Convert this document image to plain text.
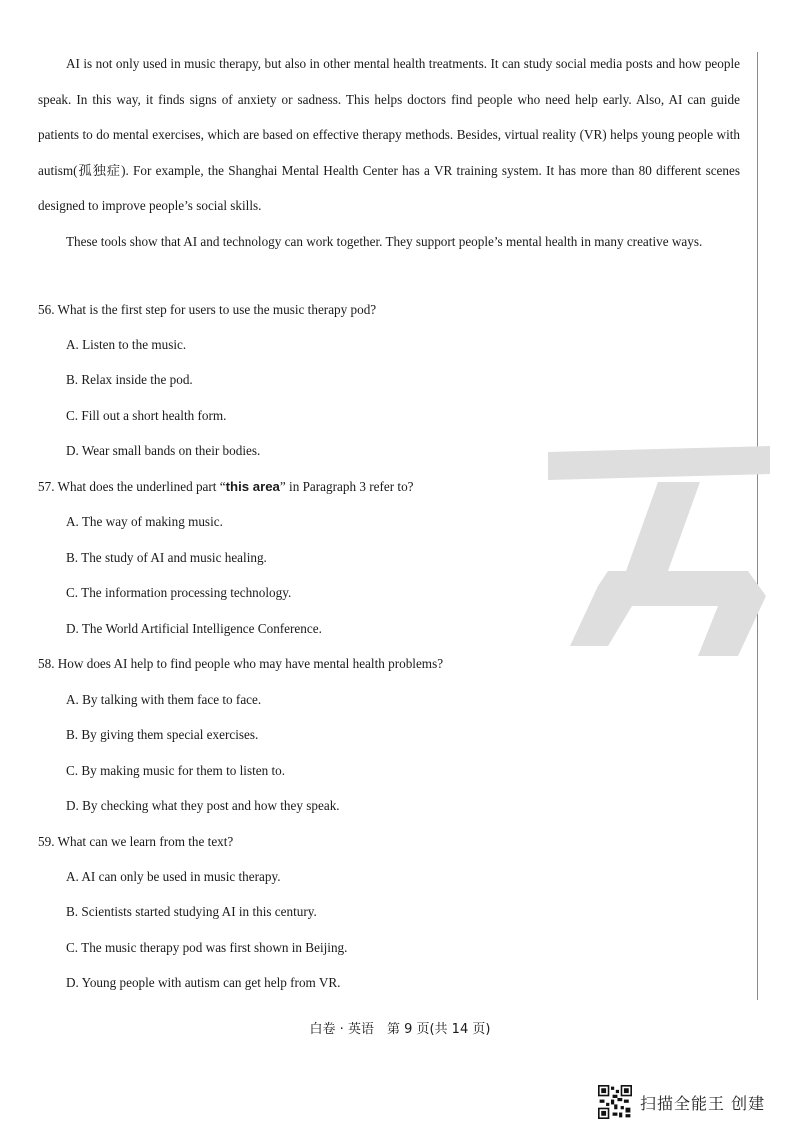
AI is not only used in music therapy, but also in other mental health treatments. It can study social media posts and how people speak. In this way, it finds signs of anxiety or sadness. This helps doctors find people who need help early. Also, AI can guide patients to do mental exercises, which are based on effective therapy methods. Besides, virtual reality (VR) helps young people with autism(孤独症). For example, the Shanghai Mental Health Center has a VR training system. It has more than 80 different scenes designed to improve people’s social skills.

These tools show that AI and technology can work together. They support people’s mental health in many creative ways.

56. What is the first step for users to use the music therapy pod?
A. Listen to the music.
B. Relax inside the pod.
C. Fill out a short health form.
D. Wear small bands on their bodies.
57. What does the underlined part “this area” in Paragraph 3 refer to?
A. The way of making music.
B. The study of AI and music healing.
C. The information processing technology.
D. The World Artificial Intelligence Conference.
58. How does AI help to find people who may have mental health problems?
A. By talking with them face to face.
B. By giving them special exercises.
C. By making music for them to listen to.
D. By checking what they post and how they speak.
59. What can we learn from the text?
A. AI can only be used in music therapy.
B. Scientists started studying AI in this century.
C. The music therapy pod was first shown in Beijing.
D. Young people with autism can get help from VR.
白卷 · 英语　第 9 页(共 14 页)
扫描全能王 创建
